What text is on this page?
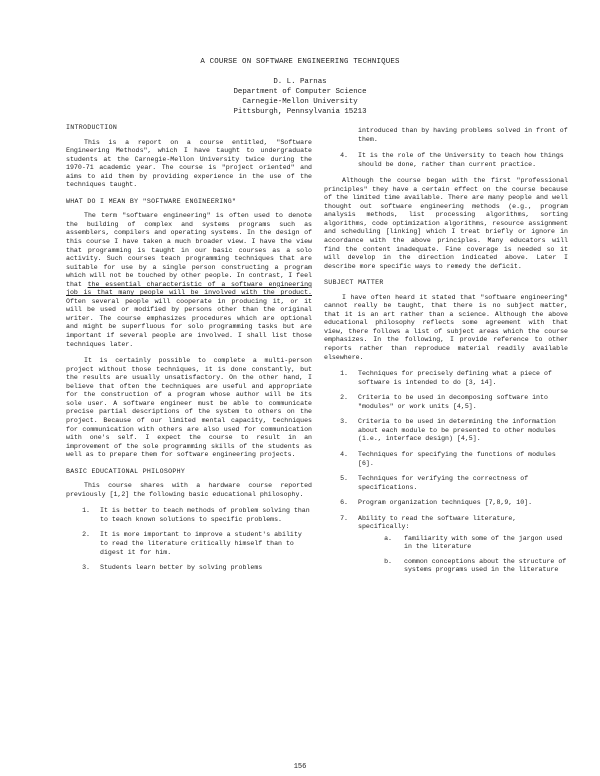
A COURSE ON SOFTWARE ENGINEERING TECHNIQUES
D. L. Parnas
Department of Computer Science
Carnegie-Mellon University
Pittsburgh, Pennsylvania 15213
INTRODUCTION

This is a report on a course entitled, "Software Engineering Methods", which I have taught to undergraduate students at the Carnegie-Mellon University twice during the 1970-71 academic year. The course is "project oriented" and aims to aid them by providing experience in the use of the techniques taught.

WHAT DO I MEAN BY "SOFTWARE ENGINEERING"

The term "software engineering" is often used to denote the building of complex and systems programs such as assemblers, compilers and operating systems. In the design of this course I have taken a much broader view. I have the view that programming is taught in our basic courses as a solo activity. Such courses teach programming techniques that are suitable for use by a single person constructing a program which will not be touched by other people. In contrast, I feel that the essential characteristic of a software engineering job is that many people will be involved with the product. Often several people will cooperate in producing it, or it will be used or modified by persons other than the original writer. The course emphasizes procedures which are optional and might be superfluous for solo programming tasks but are important if several people are involved. I shall list those techniques later.

It is certainly possible to complete a multi-person project without those techniques, it is done constantly, but the results are usually unsatisfactory. On the other hand, I believe that often the techniques are useful and appropriate for the construction of a program whose author will be its sole user. A software engineer must be able to communicate precise partial descriptions of the system to others on the project. Because of our limited mental capacity, techniques for communication with others are also used for communication with one's self. I expect the course to result in an improvement of the sole programming skills of the students as well as to prepare them for software engineering projects.

BASIC EDUCATIONAL PHILOSOPHY

This course shares with a hardware course reported previously [1,2] the following basic educational philosophy.

1.	It is better to teach methods of problem solving than to teach known solutions to specific problems.
2.	It is more important to improve a student's ability to read the literature critically himself than to digest it for him.
3.	Students learn better by solving problems

introduced than by having problems solved in front of them.

4.	It is the role of the University to teach how things should be done, rather than current practice.

Although the course began with the first "professional principles" they have a certain effect on the course because of the limited time available. There are many people and well thought out software engineering methods (e.g., program analysis methods, list processing algorithms, sorting algorithms, code optimization algorithms, resource assignment and scheduling [linking] which I treat briefly or ignore in accordance with the above principles. Many educators will find the content inadequate. Fine coverage is needed so it will develop in the direction indicated above. Later I describe more specific ways to remedy the deficit.

SUBJECT MATTER

I have often heard it stated that "software engineering" cannot really be taught, that there is no subject matter, that it is an art rather than a science. Although the above educational philosophy reflects some agreement with that view, there follows a list of subject areas which the course emphasizes. In the following, I provide reference to other reports rather than reproduce material readily available elsewhere.

1.	Techniques for precisely defining what a piece of software is intended to do [3, 14].
2.	Criteria to be used in decomposing software into "modules" or work units [4,5].
3.	Criteria to be used in determining the information about each module to be presented to other modules (i.e., interface design) [4,5].
4.	Techniques for specifying the functions of modules [6].
5.	Techniques for verifying the correctness of specifications.
6.	Program organization techniques [7,8,9, 10].
7.	Ability to read the software literature, specifically:
a.	familiarity with some of the jargon used in the literature
b.	common conceptions about the structure of systems programs used in the literature
156
